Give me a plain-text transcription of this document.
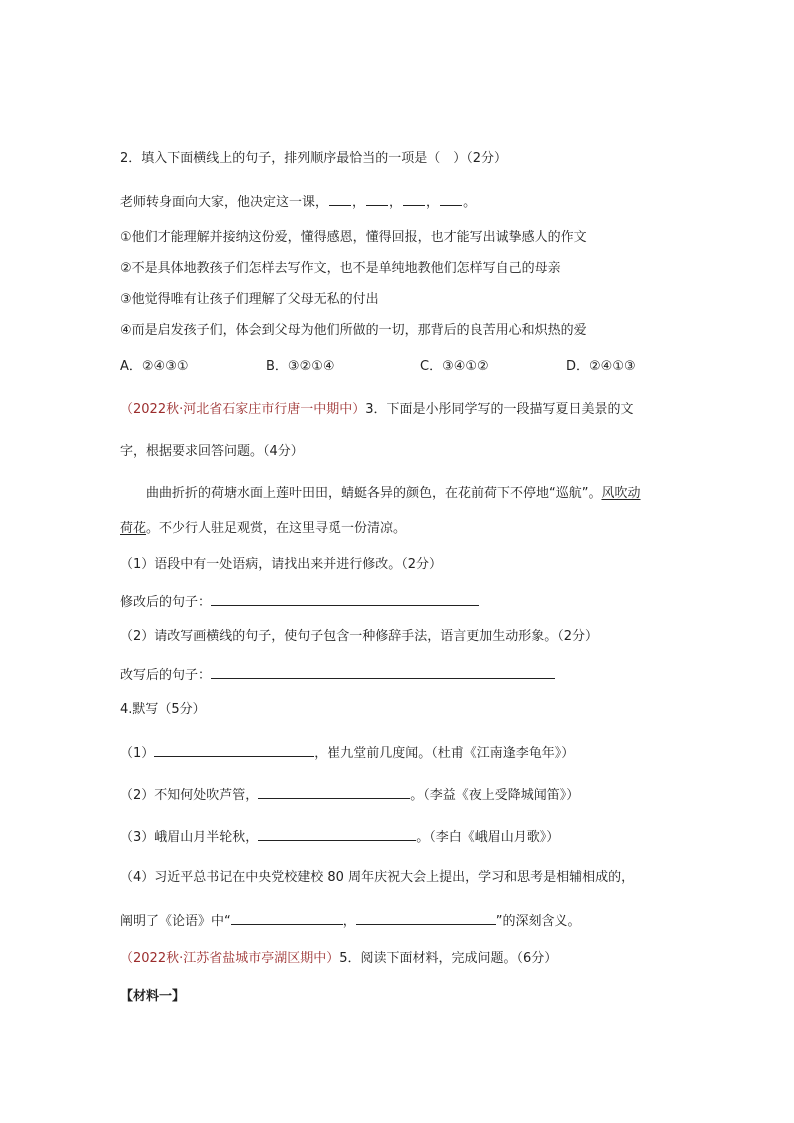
2．填入下面横线上的句子，排列顺序最恰当的一项是（　）（2分）
老师转身面向大家，他决定这一课， ， ， ， 。
①他们才能理解并接纳这份爱，懂得感恩，懂得回报，也才能写出诚挚感人的作文
②不是具体地教孩子们怎样去写作文，也不是单纯地教他们怎样写自己的母亲
③他觉得唯有让孩子们理解了父母无私的付出
④而是启发孩子们，体会到父母为他们所做的一切，那背后的良苦用心和炽热的爱
A．②④③①	B．③②①④	C．③④①②	D．②④①③
（2022秋·河北省石家庄市行唐一中期中）3．下面是小彤同学写的一段描写夏日美景的文
字，根据要求回答问题。（4分）
曲曲折折的荷塘水面上莲叶田田，蜻蜓各异的颜色，在花前荷下不停地“巡航”。风吹动
荷花。不少行人驻足观赏，在这里寻觅一份清凉。
（1）语段中有一处语病，请找出来并进行修改。（2分）
修改后的句子：
（2）请改写画横线的句子，使句子包含一种修辞手法，语言更加生动形象。（2分）
改写后的句子：
4.默写（5分）
（1）	，崔九堂前几度闻。（杜甫《江南逢李龟年》）
（2）不知何处吹芦管，	。（李益《夜上受降城闻笛》）
（3）峨眉山月半轮秋，	。（李白《峨眉山月歌》）
（4）习近平总书记在中央党校建校 80 周年庆祝大会上提出，学习和思考是相辅相成的，
阐明了《论语》中“	，	”的深刻含义。
（2022秋·江苏省盐城市亭湖区期中）5．阅读下面材料，完成问题。（6分）
【材料一】
